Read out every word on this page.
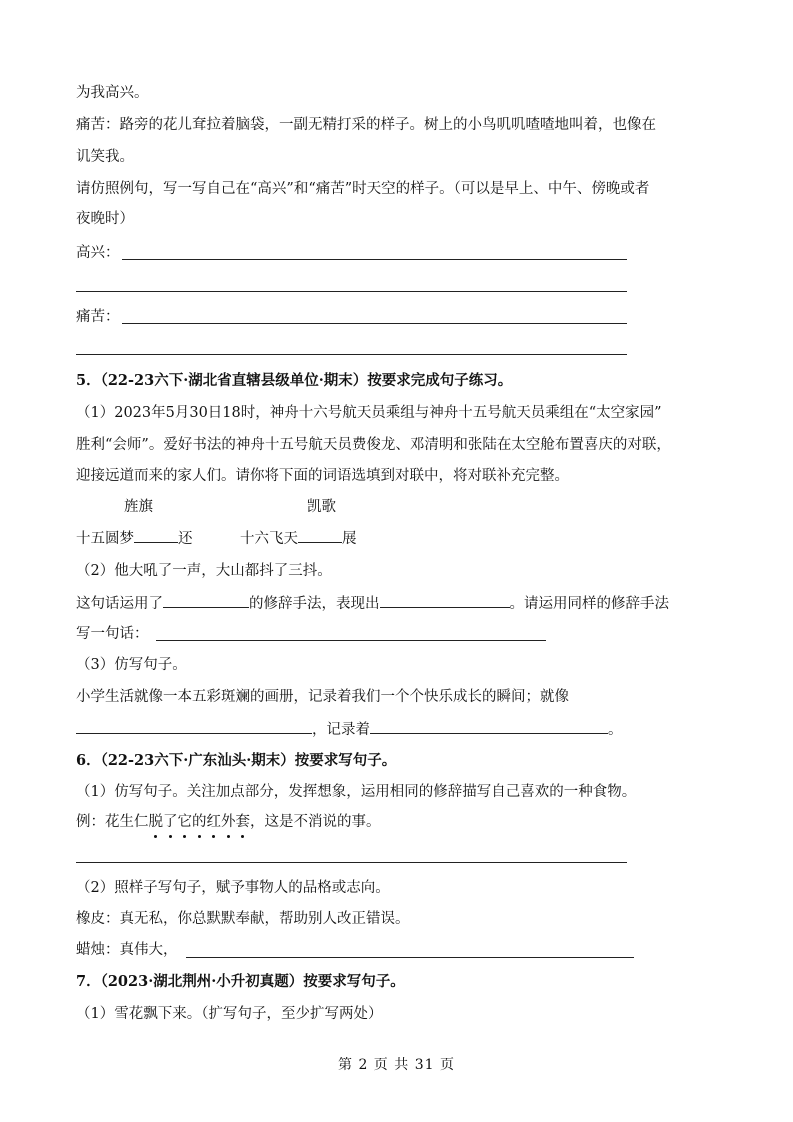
为我高兴。
痛苦：路旁的花儿耷拉着脑袋，一副无精打采的样子。树上的小鸟叽叽喳喳地叫着，也像在
讥笑我。
请仿照例句，写一写自己在“高兴”和“痛苦”时天空的样子。（可以是早上、中午、傍晚或者
夜晚时）
高兴：
痛苦：
5．（22-23六下·湖北省直辖县级单位·期末）按要求完成句子练习。
（1）2023年5月30日18时，神舟十六号航天员乘组与神舟十五号航天员乘组在“太空家园”
胜利“会师”。爱好书法的神舟十五号航天员费俊龙、邓清明和张陆在太空舱布置喜庆的对联，
迎接远道而来的家人们。请你将下面的词语选填到对联中，将对联补充完整。
旌旗	凯歌
十五圆梦	还	十六飞天	展
（2）他大吼了一声，大山都抖了三抖。
这句话运用了	的修辞手法，表现出	。请运用同样的修辞手法
写一句话：
（3）仿写句子。
小学生活就像一本五彩斑斓的画册，记录着我们一个个快乐成长的瞬间；就像
，记录着	。
6．（22-23六下·广东汕头·期末）按要求写句子。
（1）仿写句子。关注加点部分，发挥想象，运用相同的修辞描写自己喜欢的一种食物。
例：花生仁脱了它的红外套，这是不消说的事。
（2）照样子写句子，赋予事物人的品格或志向。
橡皮：真无私，你总默默奉献，帮助别人改正错误。
蜡烛：真伟大，
7．（2023·湖北荆州·小升初真题）按要求写句子。
（1）雪花飘下来。（扩写句子，至少扩写两处）
第 2 页 共 31 页
